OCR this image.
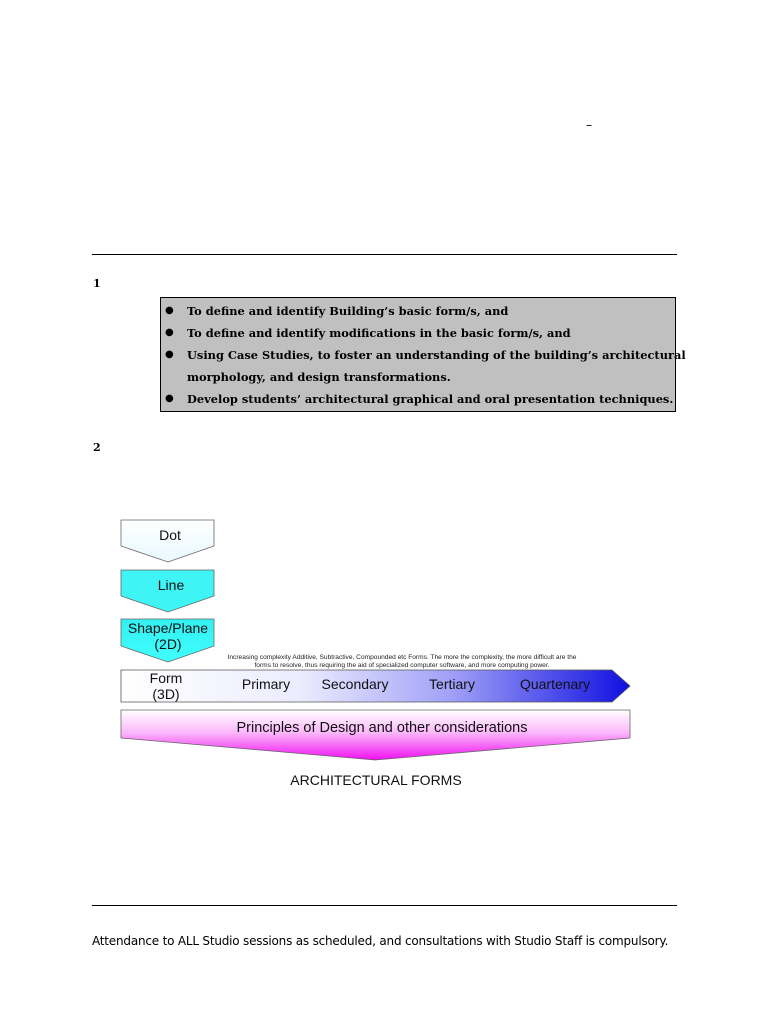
–
1
● To define and identify Building’s basic form/s, and
● To define and identify modifications in the basic form/s, and
● Using Case Studies, to foster an understanding of the building’s architectural
morphology, and design transformations.
● Develop students’ architectural graphical and oral presentation techniques.
2
Dot
Line
Shape/Plane
(2D)
Increasing complexity Additive, Subtractive, Compounded etc Forms. The more the complexity, the more difficult are the
forms to resolve, thus requiring the aid of specialized computer software, and more computing power.
Form
(3D)
Primary Secondary	Tertiary	Quartenary
Principles of Design and other considerations
ARCHITECTURAL FORMS
Attendance to ALL Studio sessions as scheduled, and consultations with Studio Staff is compulsory.
